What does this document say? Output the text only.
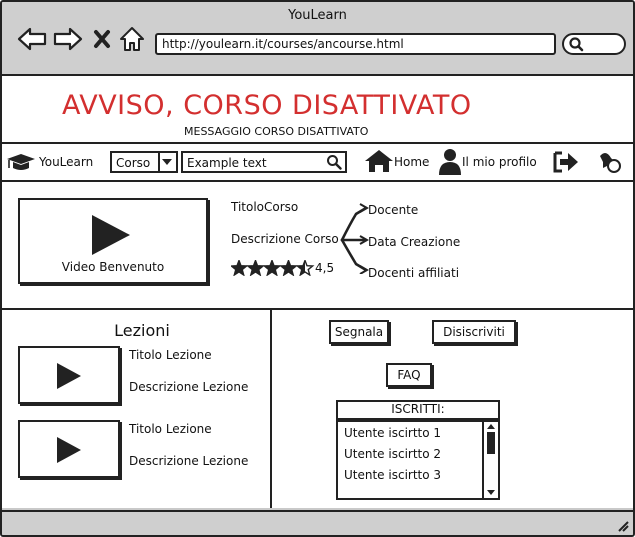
YouLearn
http://youlearn.it/courses/ancourse.html
AVVISO, CORSO DISATTIVATO
MESSAGGIO CORSO DISATTIVATO
YouLearn Corso	Example text	Home	Il mio profilo
Video Benvenuto
TitoloCorso
Descrizione Corso
4,5
Docente
Data Creazione
Docenti affiliati
Lezioni
Titolo Lezione
Descrizione Lezione
Titolo Lezione
Descrizione Lezione
Segnala	Disiscriviti
FAQ
ISCRITTI:
Utente iscirtto 1
Utente iscirtto 2
Utente iscirtto 3
